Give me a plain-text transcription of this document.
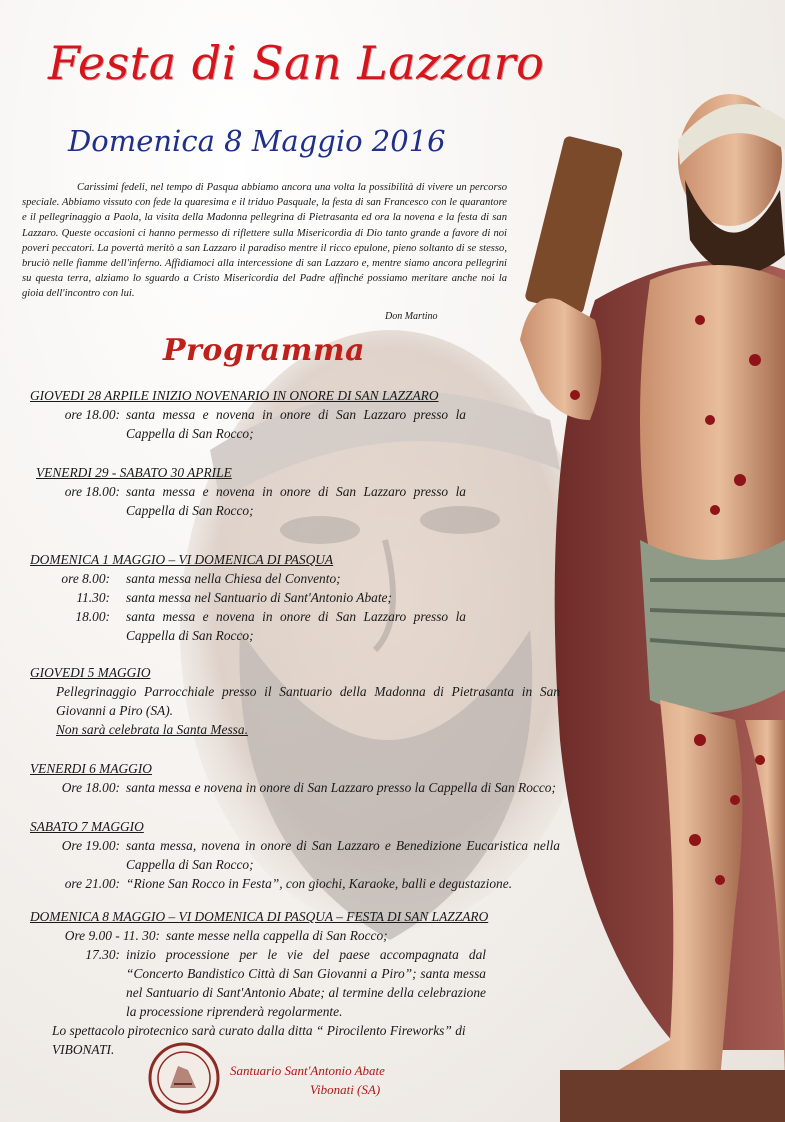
Festa di San Lazzaro
Domenica 8 Maggio 2016

Carissimi fedeli, nel tempo di Pasqua abbiamo ancora una volta la possibilità di vivere un percorso speciale. Abbiamo vissuto con fede la quaresima e il triduo Pasquale, la festa di san Francesco con le quarantore e il pellegrinaggio a Paola, la visita della Madonna pellegrina di Pietrasanta ed ora la novena e la festa di san Lazzaro. Queste occasioni ci hanno permesso di riflettere sulla Misericordia di Dio tanto grande a favore di noi poveri peccatori. La povertà meritò a san Lazzaro il paradiso mentre il ricco epulone, pieno soltanto di se stesso, bruciò nelle fiamme dell'inferno. Affidiamoci alla intercessione di san Lazzaro e, mentre siamo ancora pellegrini su questa terra, alziamo lo sguardo a Cristo Misericordia del Padre affinché possiamo meritare anche noi la gioia dell'incontro con lui.

Don Martino
Programma
GIOVEDI 28 ARPILE INIZIO NOVENARIO IN ONORE DI SAN LAZZARO
ore 18.00: santa messa e novena in onore di San Lazzaro presso la Cappella di San Rocco;
VENERDI 29 - SABATO 30 APRILE
ore 18.00: santa messa e novena in onore di San Lazzaro presso la Cappella di San Rocco;
DOMENICA 1 MAGGIO – VI DOMENICA DI PASQUA
ore 8.00:	santa messa nella Chiesa del Convento;
11.30:	santa messa nel Santuario di Sant'Antonio Abate;
18.00:	santa messa e novena in onore di San Lazzaro presso la Cappella di San Rocco;
GIOVEDI 5 MAGGIO
Pellegrinaggio Parrocchiale presso il Santuario della Madonna di Pietrasanta in San Giovanni a Piro (SA).
Non sarà celebrata la Santa Messa.
VENERDI 6 MAGGIO
Ore 18.00: santa messa e novena in onore di San Lazzaro presso la Cappella di San Rocco;
SABATO 7 MAGGIO
Ore 19.00: santa messa, novena in onore di San Lazzaro e Benedizione Eucaristica nella Cappella di San Rocco;
ore 21.00: “Rione San Rocco in Festa”, con giochi, Karaoke, balli e degustazione.
DOMENICA 8 MAGGIO – VI DOMENICA DI PASQUA – FESTA DI SAN LAZZARO
Ore 9.00 - 11. 30: sante messe nella cappella di San Rocco;
17.30: inizio processione per le vie del paese accompagnata dal “Concerto Bandistico Città di San Giovanni a Piro”; santa messa nel Santuario di Sant'Antonio Abate; al termine della celebrazione la processione riprenderà regolarmente.
Lo spettacolo pirotecnico sarà curato dalla ditta “ Pirocilento Fireworks” di VIBONATI.
Santuario Sant'Antonio Abate
Vibonati (SA)
